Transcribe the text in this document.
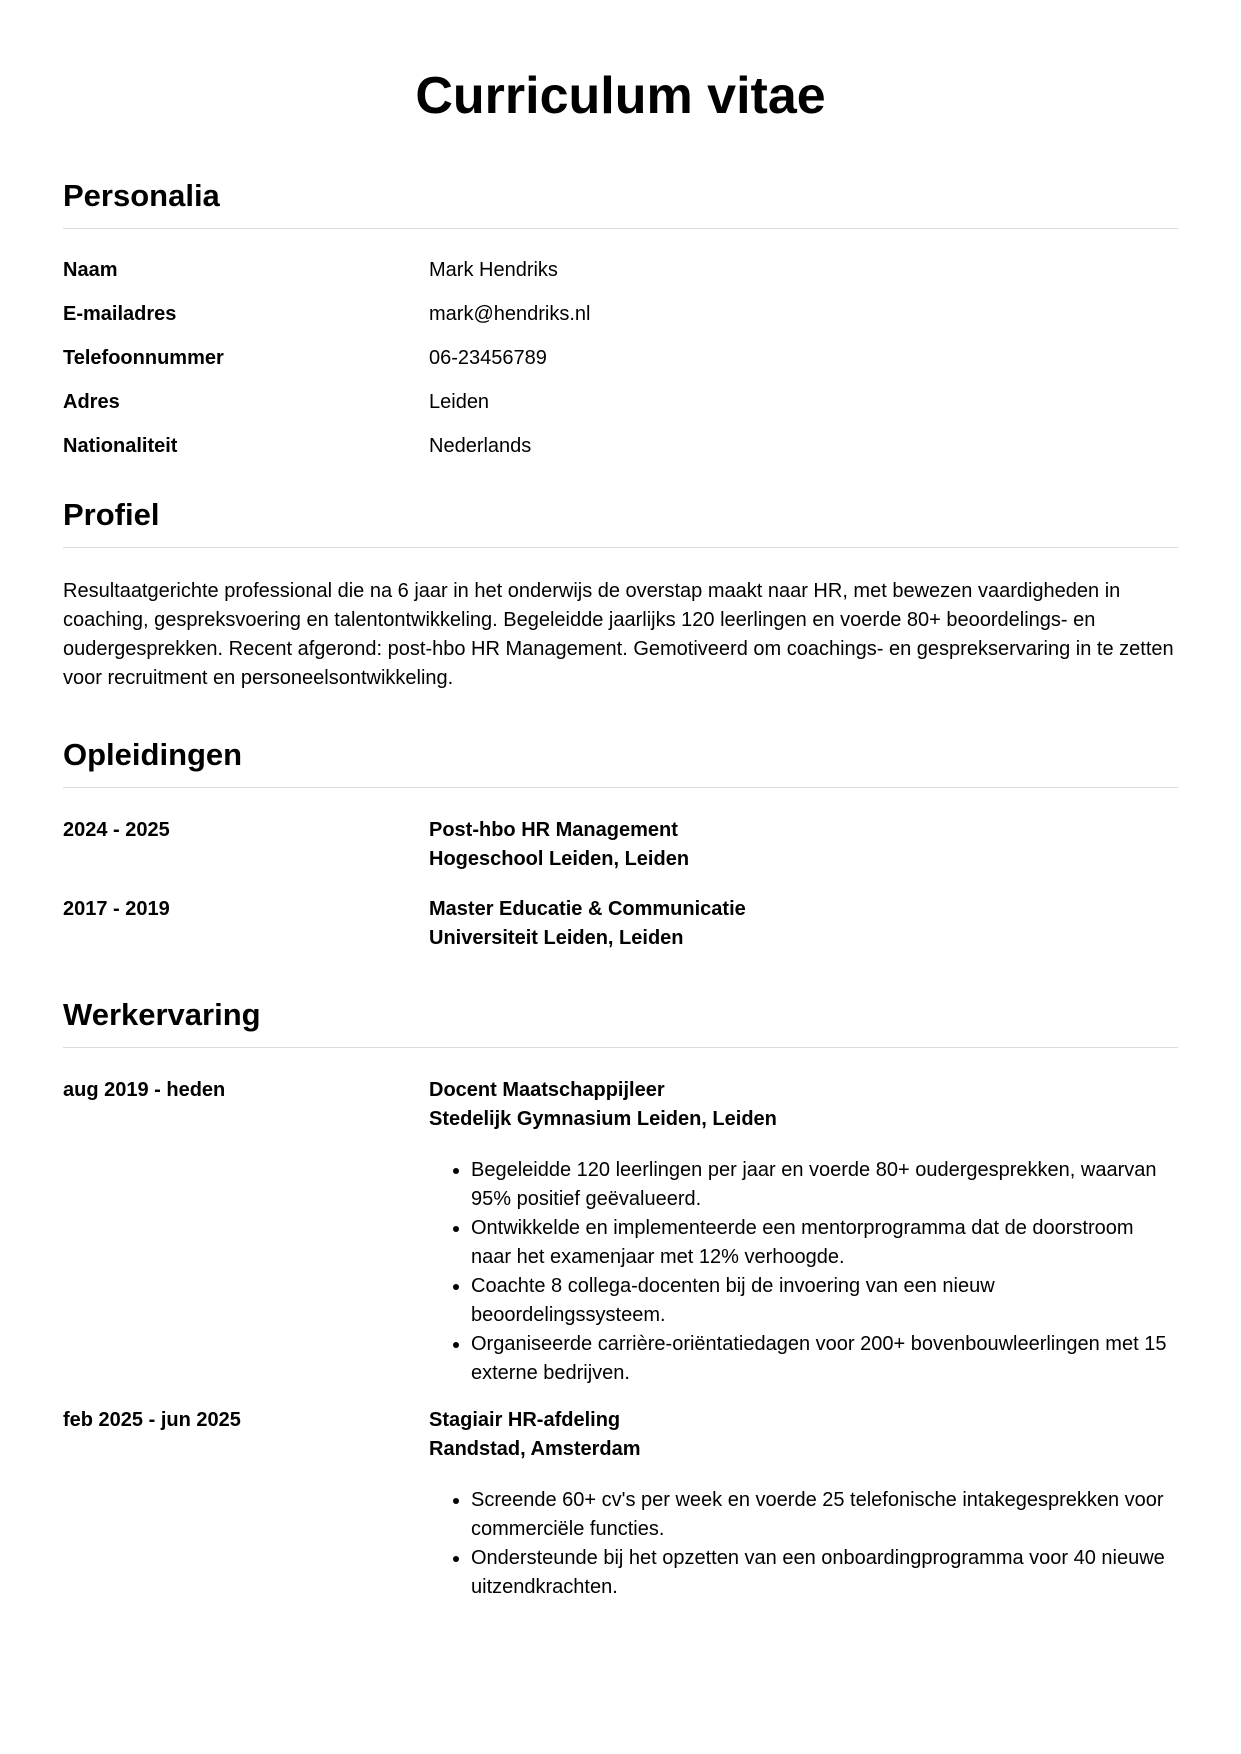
Curriculum vitae
Personalia
Naam	Mark Hendriks
E-mailadres	mark@hendriks.nl
Telefoonnummer	06-23456789
Adres	Leiden
Nationaliteit	Nederlands
Profiel

Resultaatgerichte professional die na 6 jaar in het onderwijs de overstap maakt naar HR, met bewezen vaardigheden in coaching, gespreksvoering en talentontwikkeling. Begeleidde jaarlijks 120 leerlingen en voerde 80+ beoordelings- en oudergesprekken. Recent afgerond: post-hbo HR Management. Gemotiveerd om coachings- en gesprekservaring in te zetten voor recruitment en personeelsontwikkeling.

Opleidingen
2024 - 2025	Post-hbo HR Management
Hogeschool Leiden, Leiden
2017 - 2019	Master Educatie & Communicatie
Universiteit Leiden, Leiden
Werkervaring
aug 2019 - heden	Docent Maatschappijleer
Stedelijk Gymnasium Leiden, Leiden
• Begeleidde 120 leerlingen per jaar en voerde 80+ oudergesprekken, waarvan 95% positief geëvalueerd.
• Ontwikkelde en implementeerde een mentorprogramma dat de doorstroom naar het examenjaar met 12% verhoogde.
• Coachte 8 collega-docenten bij de invoering van een nieuw beoordelingssysteem.
• Organiseerde carrière-oriëntatiedagen voor 200+ bovenbouwleerlingen met 15 externe bedrijven.
feb 2025 - jun 2025	Stagiair HR-afdeling
Randstad, Amsterdam
• Screende 60+ cv's per week en voerde 25 telefonische intakegesprekken voor commerciële functies.
• Ondersteunde bij het opzetten van een onboardingprogramma voor 40 nieuwe uitzendkrachten.
